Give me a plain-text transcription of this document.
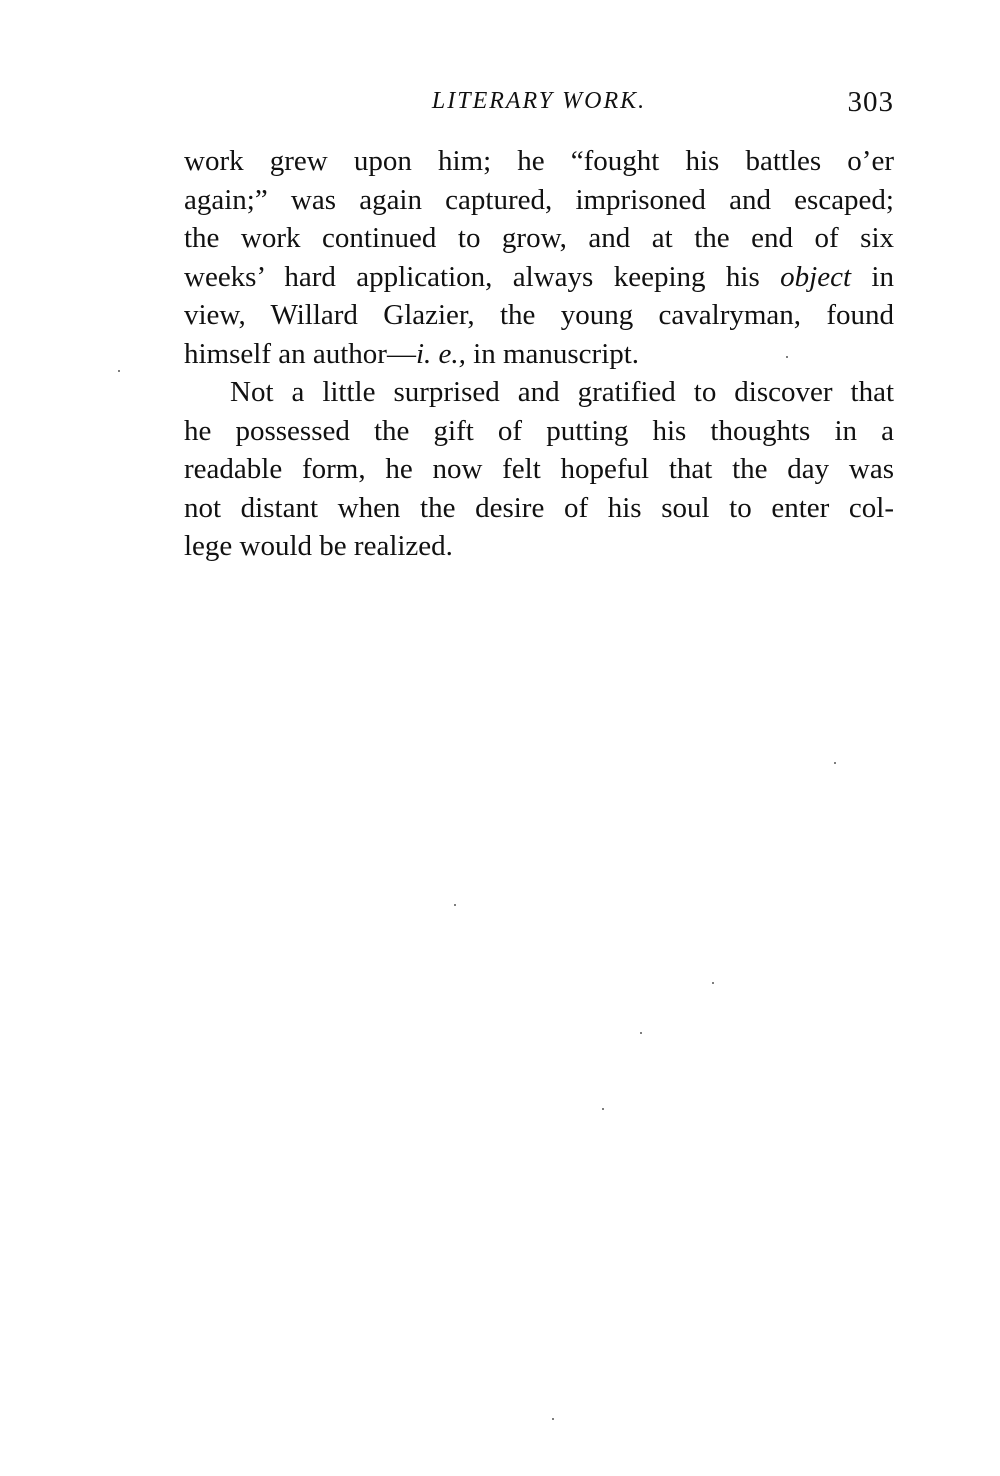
LITERARY WORK.	303
work grew upon him; he “fought his battles o’er
again;” was again captured, imprisoned and escaped;
the work continued to grow, and at the end of six
weeks’ hard application, always keeping his object in
view, Willard Glazier, the young cavalryman, found
himself an author—i. e., in manuscript.
Not a little surprised and gratified to discover that
he possessed the gift of putting his thoughts in a
readable form, he now felt hopeful that the day was
not distant when the desire of his soul to enter col-
lege would be realized.
